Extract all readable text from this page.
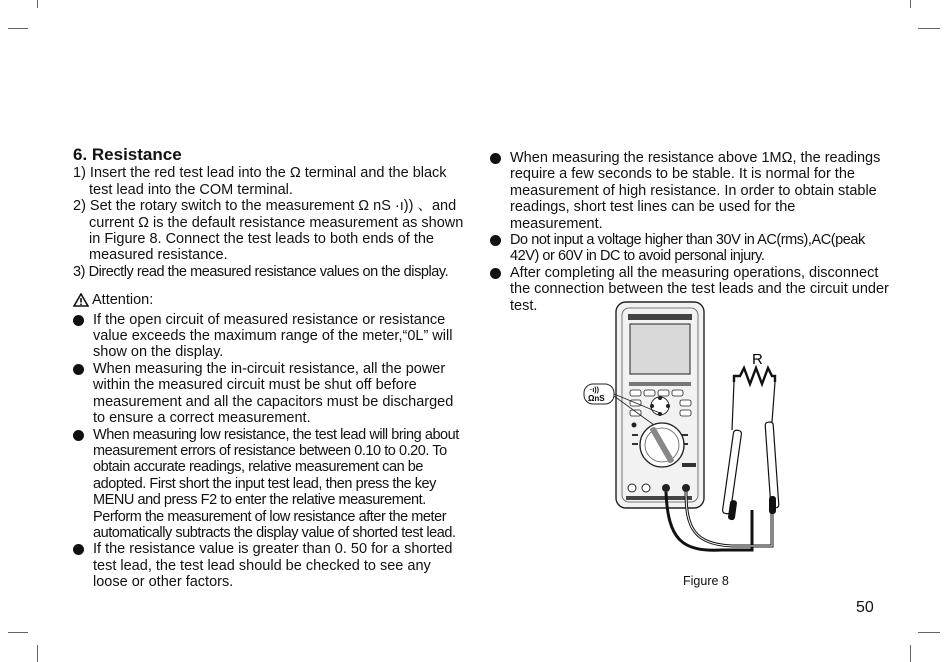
6. Resistance

1) Insert the red test lead into the Ω terminal and the black test lead into the COM terminal.

2) Set the rotary switch to the measurement Ω nS ·ı)) 、and current Ω is the default resistance measurement as shown in Figure 8. Connect the test leads to both ends of the measured resistance.

3) Directly read the measured resistance values on the display.

Attention:

If the open circuit of measured resistance or resistance value exceeds the maximum range of the meter,“0L” will show on the display.

When measuring the in-circuit resistance, all the power within the measured circuit must be shut off before measurement and all the capacitors must be discharged to ensure a correct measurement.

When measuring low resistance, the test lead will bring about measurement errors of resistance between 0.10 to 0.20. To obtain accurate readings, relative measurement can be adopted. First short the input test lead, then press the key MENU and press F2 to enter the relative measurement. Perform the measurement of low resistance after the meter automatically subtracts the display value of shorted test lead.

If the resistance value is greater than 0. 50 for a shorted test lead, the test lead should be checked to see any loose or other factors.

When measuring the resistance above 1MΩ, the readings require a few seconds to be stable. It is normal for the measurement of high resistance. In order to obtain stable readings, short test lines can be used for the measurement.

Do not input a voltage higher than 30V in AC(rms),AC(peak 42V) or 60V in DC to avoid personal injury.

After completing all the measuring operations, disconnect the connection between the test leads and the circuit under test.

·ı))
ΩnS
R
Figure 8
50
